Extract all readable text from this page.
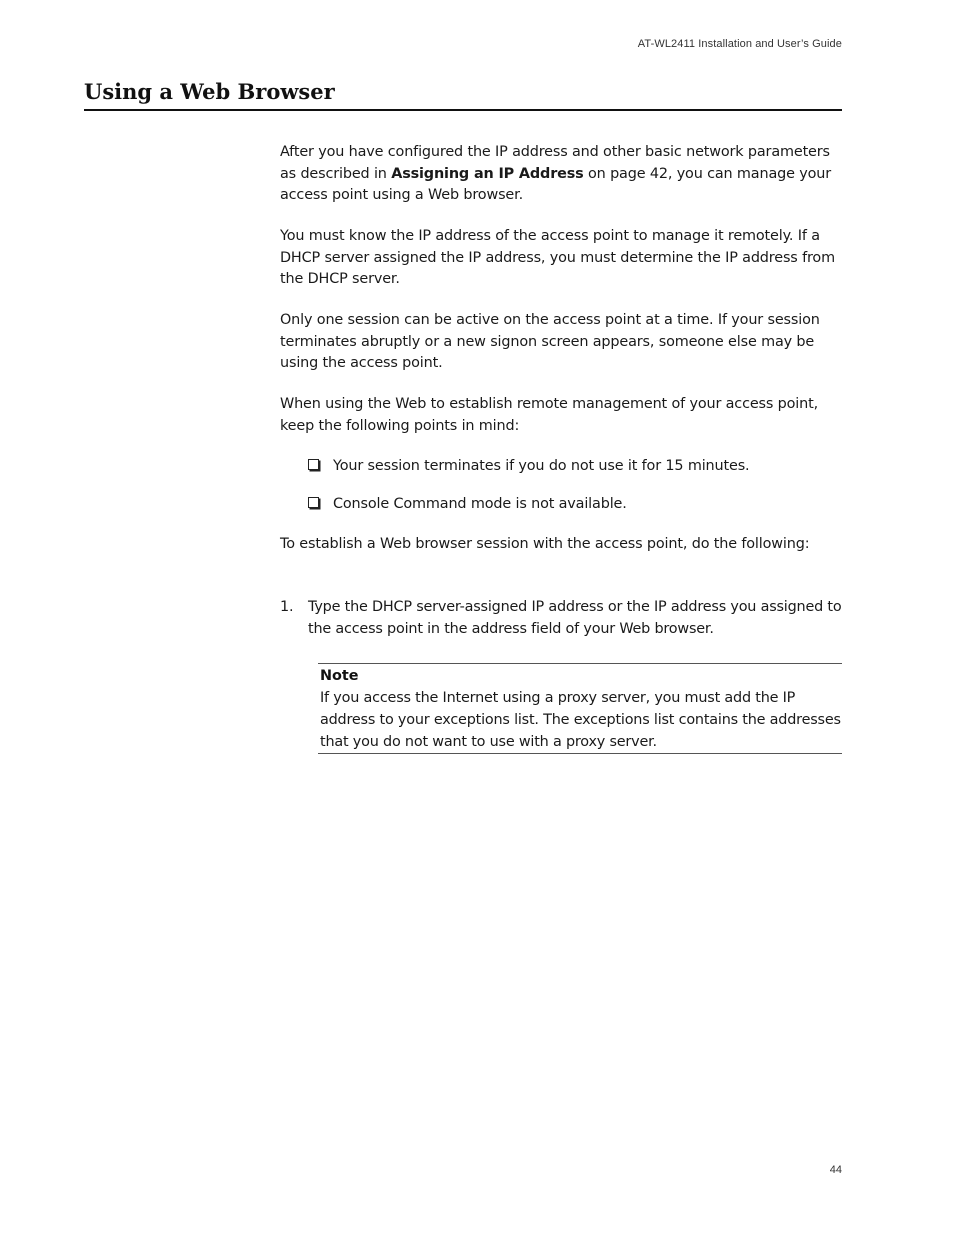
AT-WL2411 Installation and User’s Guide
Using a Web Browser

After you have configured the IP address and other basic network parameters as described in Assigning an IP Address on page 42, you can manage your access point using a Web browser.

You must know the IP address of the access point to manage it remotely. If a DHCP server assigned the IP address, you must determine the IP address from the DHCP server.

Only one session can be active on the access point at a time. If your session terminates abruptly or a new signon screen appears, someone else may be using the access point.

When using the Web to establish remote management of your access point, keep the following points in mind:

Your session terminates if you do not use it for 15 minutes.
Console Command mode is not available.

To establish a Web browser session with the access point, do the following:

1. Type the DHCP server-assigned IP address or the IP address you assigned to the access point in the address field of your Web browser.
Note
If you access the Internet using a proxy server, you must add the IP address to your exceptions list. The exceptions list contains the addresses that you do not want to use with a proxy server.
44
